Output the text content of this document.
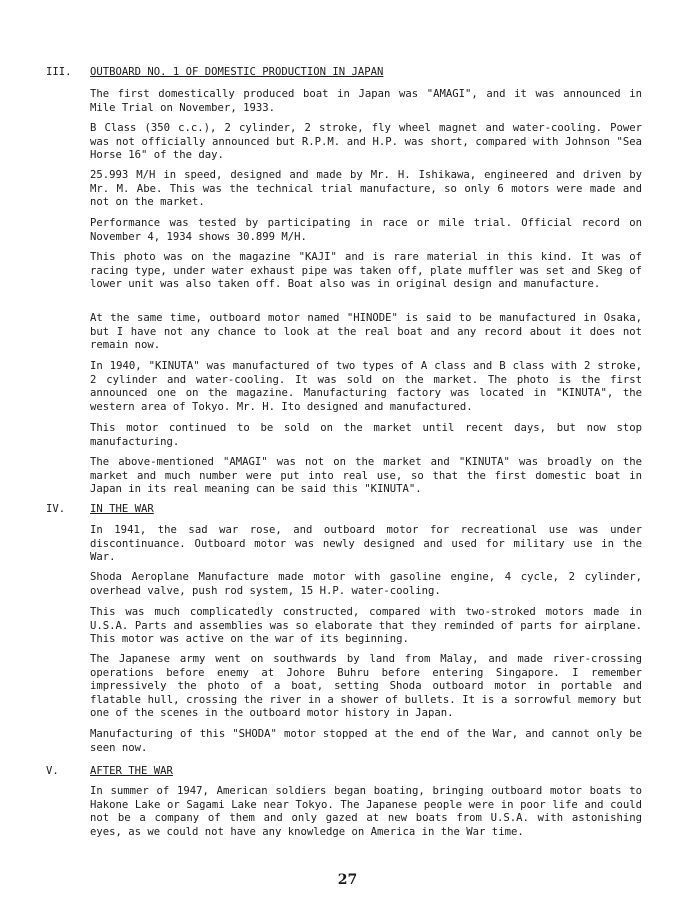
III. OUTBOARD NO. 1 OF DOMESTIC PRODUCTION IN JAPAN

The first domestically produced boat in Japan was "AMAGI", and it was announced in Mile Trial on November, 1933.

B Class (350 c.c.), 2 cylinder, 2 stroke, fly wheel magnet and water-cooling. Power was not officially announced but R.P.M. and H.P. was short, compared with Johnson "Sea Horse 16" of the day.

25.993 M/H in speed, designed and made by Mr. H. Ishikawa, engineered and driven by Mr. M. Abe. This was the technical trial manufacture, so only 6 motors were made and not on the market.

Performance was tested by participating in race or mile trial. Official record on November 4, 1934 shows 30.899 M/H.

This photo was on the magazine "KAJI" and is rare material in this kind. It was of racing type, under water exhaust pipe was taken off, plate muffler was set and Skeg of lower unit was also taken off. Boat also was in original design and manufacture.

At the same time, outboard motor named "HINODE" is said to be manufactured in Osaka, but I have not any chance to look at the real boat and any record about it does not remain now.

In 1940, "KINUTA" was manufactured of two types of A class and B class with 2 stroke, 2 cylinder and water-cooling. It was sold on the market. The photo is the first announced one on the magazine. Manufacturing factory was located in "KINUTA", the western area of Tokyo. Mr. H. Ito designed and manufactured.

This motor continued to be sold on the market until recent days, but now stop manufacturing.

The above-mentioned "AMAGI" was not on the market and "KINUTA" was broadly on the market and much number were put into real use, so that the first domestic boat in Japan in its real meaning can be said this "KINUTA".

IV. IN THE WAR

In 1941, the sad war rose, and outboard motor for recreational use was under discontinuance. Outboard motor was newly designed and used for military use in the War.

Shoda Aeroplane Manufacture made motor with gasoline engine, 4 cycle, 2 cylinder, overhead valve, push rod system, 15 H.P. water-cooling.

This was much complicatedly constructed, compared with two-stroked motors made in U.S.A. Parts and assemblies was so elaborate that they reminded of parts for airplane. This motor was active on the war of its beginning.

The Japanese army went on southwards by land from Malay, and made river-crossing operations before enemy at Johore Buhru before entering Singapore. I remember impressively the photo of a boat, setting Shoda outboard motor in portable and flatable hull, crossing the river in a shower of bullets. It is a sorrowful memory but one of the scenes in the outboard motor history in Japan.

Manufacturing of this "SHODA" motor stopped at the end of the War, and cannot only be seen now.

V.	AFTER THE WAR

In summer of 1947, American soldiers began boating, bringing outboard motor boats to Hakone Lake or Sagami Lake near Tokyo. The Japanese people were in poor life and could not be a company of them and only gazed at new boats from U.S.A. with astonishing eyes, as we could not have any knowledge on America in the War time.

27
